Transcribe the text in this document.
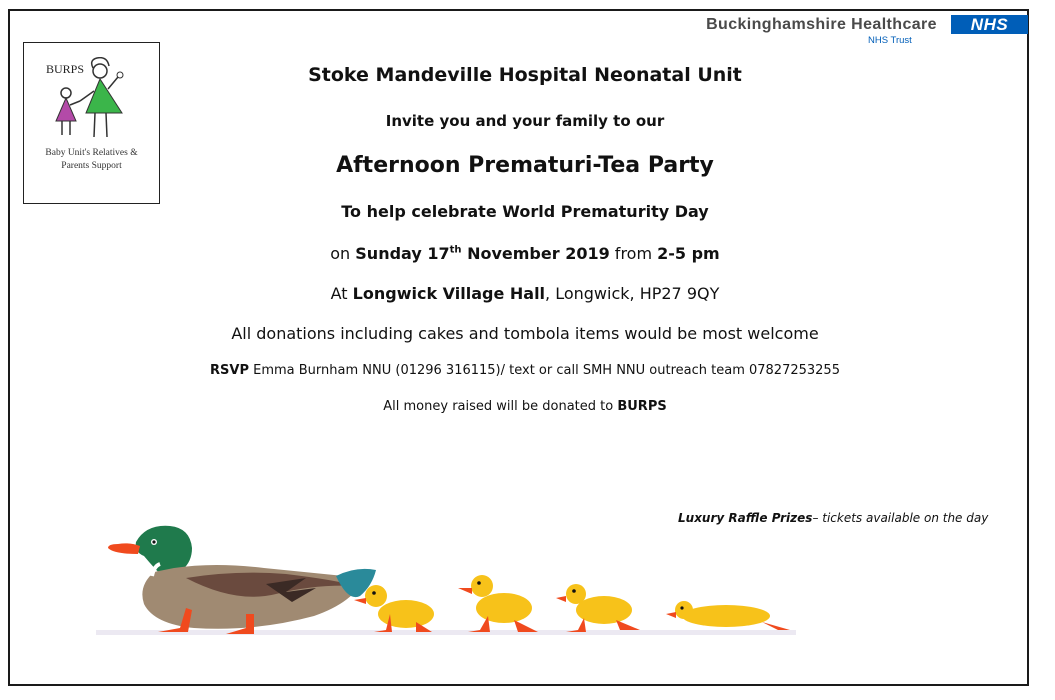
BURPS
Baby Unit's Relatives &
Parents Support
Buckinghamshire Healthcare	NHS
NHS Trust
Stoke Mandeville Hospital Neonatal Unit
Invite you and your family to our
Afternoon Prematuri-Tea Party
To help celebrate World Prematurity Day
on Sunday 17th November 2019 from 2-5 pm
At Longwick Village Hall, Longwick, HP27 9QY
All donations including cakes and tombola items would be most welcome
RSVP Emma Burnham NNU (01296 316115)/ text or call SMH NNU outreach team 07827253255
All money raised will be donated to BURPS
Luxury Raffle Prizes– tickets available on the day
